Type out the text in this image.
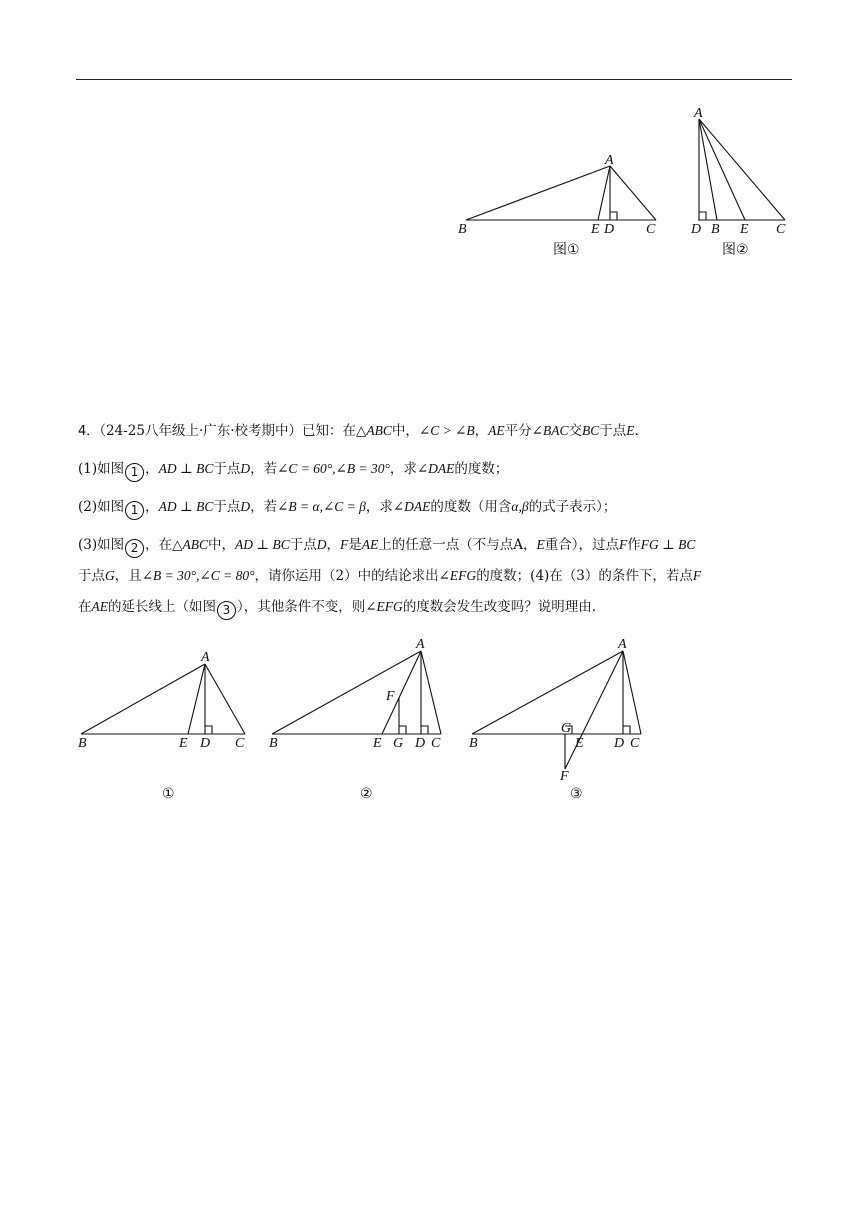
A
B	E D C
图①
A
D B E C
图②
4．（24-25八年级上·广东·校考期中）已知：在△ABC中，∠C > ∠B，AE平分∠BAC交BC于点E.
(1)如图 1 ，AD ⊥ BC于点D，若∠C = 60°,∠B = 30°，求∠DAE的度数；
(2)如图 1 ，AD ⊥ BC于点D，若∠B = α,∠C = β，求∠DAE的度数（用含α,β的式子表示）；
(3)如图 2 ，在△ABC中，AD ⊥ BC于点D，F是AE上的任意一点（不与点A，E重合），过点F作FG ⊥ BC
于点G，且∠B = 30°,∠C = 80°，请你运用（2）中的结论求出∠EFG的度数；(4)在（3）的条件下，若点F
在AE的延长线上（如图 3 ），其他条件不变，则∠EFG的度数会发生改变吗？说明理由.
A
B	E D C
①
A
F
B	E G D C
②
A
G
B	E D C
F
③
